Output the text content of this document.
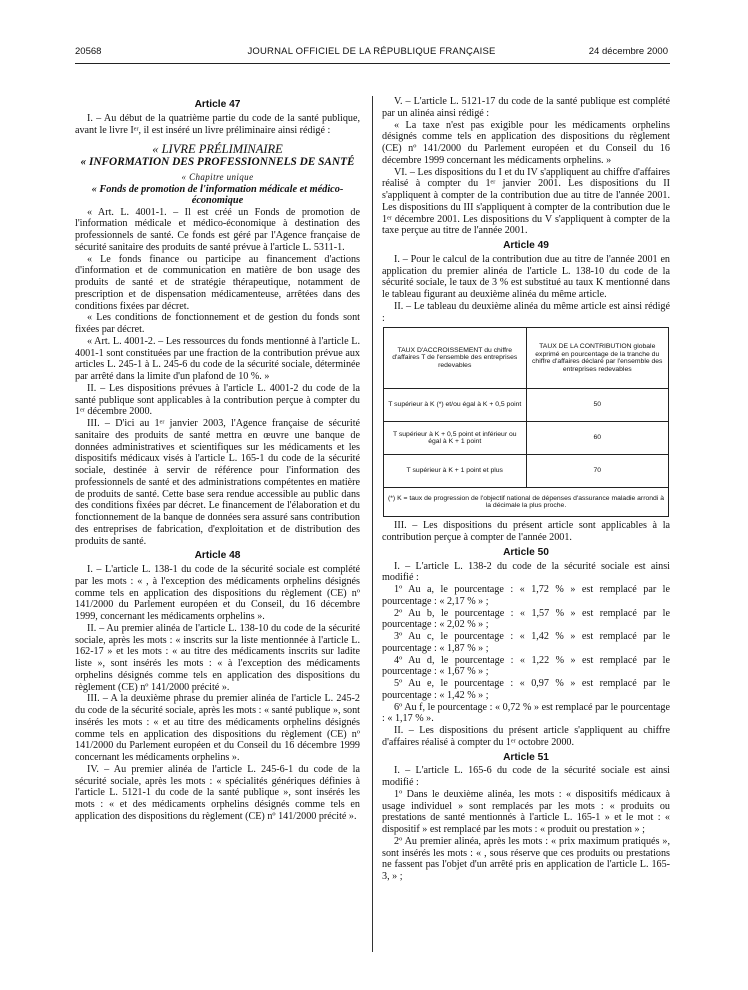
20568	JOURNAL OFFICIEL DE LA RÉPUBLIQUE FRANÇAISE	24 décembre 2000
Article 47

I. – Au début de la quatrième partie du code de la santé publique, avant le livre Iᵉʳ, il est inséré un livre préliminaire ainsi rédigé :

« LIVRE PRÉLIMINAIRE

« INFORMATION DES PROFESSIONNELS DE SANTÉ

« Chapitre unique

« Fonds de promotion de l'information médicale et médico-économique

« Art. L. 4001-1. – Il est créé un Fonds de promotion de l'information médicale et médico-économique à destination des professionnels de santé. Ce fonds est géré par l'Agence française de sécurité sanitaire des produits de santé prévue à l'article L. 5311-1.

« Le fonds finance ou participe au financement d'actions d'information et de communication en matière de bon usage des produits de santé et de stratégie thérapeutique, notamment de prescription et de dispensation médicamenteuse, arrêtées dans des conditions fixées par décret.

« Les conditions de fonctionnement et de gestion du fonds sont fixées par décret.

« Art. L. 4001-2. – Les ressources du fonds mentionné à l'article L. 4001-1 sont constituées par une fraction de la contribution prévue aux articles L. 245-1 à L. 245-6 du code de la sécurité sociale, déterminée par arrêté dans la limite d'un plafond de 10 %. »

II. – Les dispositions prévues à l'article L. 4001-2 du code de la santé publique sont applicables à la contribution perçue à compter du 1ᵉʳ décembre 2000.

III. – D'ici au 1ᵉʳ janvier 2003, l'Agence française de sécurité sanitaire des produits de santé mettra en œuvre une banque de données administratives et scientifiques sur les médicaments et les dispositifs médicaux visés à l'article L. 165-1 du code de la sécurité sociale, destinée à servir de référence pour l'information des professionnels de santé et des administrations compétentes en matière de produits de santé. Cette base sera rendue accessible au public dans des conditions fixées par décret. Le financement de l'élaboration et du fonctionnement de la banque de données sera assuré sans contribution des entreprises de fabrication, d'exploitation et de distribution des produits de santé.

Article 48

I. – L'article L. 138-1 du code de la sécurité sociale est complété par les mots : « , à l'exception des médicaments orphelins désignés comme tels en application des dispositions du règlement (CE) nº 141/2000 du Parlement européen et du Conseil, du 16 décembre 1999, concernant les médicaments orphelins ».

II. – Au premier alinéa de l'article L. 138-10 du code de la sécurité sociale, après les mots : « inscrits sur la liste mentionnée à l'article L. 162-17 » et les mots : « au titre des médicaments inscrits sur ladite liste », sont insérés les mots : « à l'exception des médicaments orphelins désignés comme tels en application des dispositions du règlement (CE) nº 141/2000 précité ».

III. – A la deuxième phrase du premier alinéa de l'article L. 245-2 du code de la sécurité sociale, après les mots : « santé publique », sont insérés les mots : « et au titre des médicaments orphelins désignés comme tels en application des dispositions du règlement (CE) nº 141/2000 du Parlement européen et du Conseil du 16 décembre 1999 concernant les médicaments orphelins ».

IV. – Au premier alinéa de l'article L. 245-6-1 du code de la sécurité sociale, après les mots : « spécialités génériques définies à l'article L. 5121-1 du code de la santé publique », sont insérés les mots : « et des médicaments orphelins désignés comme tels en application des dispositions du règlement (CE) nº 141/2000 précité ».

V. – L'article L. 5121-17 du code de la santé publique est complété par un alinéa ainsi rédigé :

« La taxe n'est pas exigible pour les médicaments orphelins désignés comme tels en application des dispositions du règlement (CE) nº 141/2000 du Parlement européen et du Conseil du 16 décembre 1999 concernant les médicaments orphelins. »

VI. – Les dispositions du I et du IV s'appliquent au chiffre d'affaires réalisé à compter du 1ᵉʳ janvier 2001. Les dispositions du II s'appliquent à compter de la contribution due au titre de l'année 2001. Les dispositions du III s'appliquent à compter de la contribution due le 1ᵉʳ décembre 2001. Les dispositions du V s'appliquent à compter de la taxe perçue au titre de l'année 2001.

Article 49

I. – Pour le calcul de la contribution due au titre de l'année 2001 en application du premier alinéa de l'article L. 138-10 du code de la sécurité sociale, le taux de 3 % est substitué au taux K mentionné dans le tableau figurant au deuxième alinéa du même article.

II. – Le tableau du deuxième alinéa du même article est ainsi rédigé :

TAUX D'ACCROISSEMENT du chiffre d'affaires T de l'ensemble des entreprises redevables	TAUX DE LA CONTRIBUTION globale exprimé en pourcentage de la tranche du chiffre d'affaires déclaré par l'ensemble des entreprises redevables
T supérieur à K (*) et/ou égal à K + 0,5 point	50
T supérieur à K + 0,5 point et inférieur ou égal à K + 1 point	60
T supérieur à K + 1 point et plus	70
(*) K = taux de progression de l'objectif national de dépenses d'assurance maladie arrondi à la décimale la plus proche.	

III. – Les dispositions du présent article sont applicables à la contribution perçue à compter de l'année 2001.

Article 50

I. – L'article L. 138-2 du code de la sécurité sociale est ainsi modifié :

1º Au a, le pourcentage : « 1,72 % » est remplacé par le pourcentage : « 2,17 % » ;

2º Au b, le pourcentage : « 1,57 % » est remplacé par le pourcentage : « 2,02 % » ;

3º Au c, le pourcentage : « 1,42 % » est remplacé par le pourcentage : « 1,87 % » ;

4º Au d, le pourcentage : « 1,22 % » est remplacé par le pourcentage : « 1,67 % » ;

5º Au e, le pourcentage : « 0,97 % » est remplacé par le pourcentage : « 1,42 % » ;

6º Au f, le pourcentage : « 0,72 % » est remplacé par le pourcentage : « 1,17 % ».

II. – Les dispositions du présent article s'appliquent au chiffre d'affaires réalisé à compter du 1ᵉʳ octobre 2000.

Article 51

I. – L'article L. 165-6 du code de la sécurité sociale est ainsi modifié :

1º Dans le deuxième alinéa, les mots : « dispositifs médicaux à usage individuel » sont remplacés par les mots : « produits ou prestations de santé mentionnés à l'article L. 165-1 » et le mot : « dispositif » est remplacé par les mots : « produit ou prestation » ;

2º Au premier alinéa, après les mots : « prix maximum pratiqués », sont insérés les mots : « , sous réserve que ces produits ou prestations ne fassent pas l'objet d'un arrêté pris en application de l'article L. 165-3, » ;
